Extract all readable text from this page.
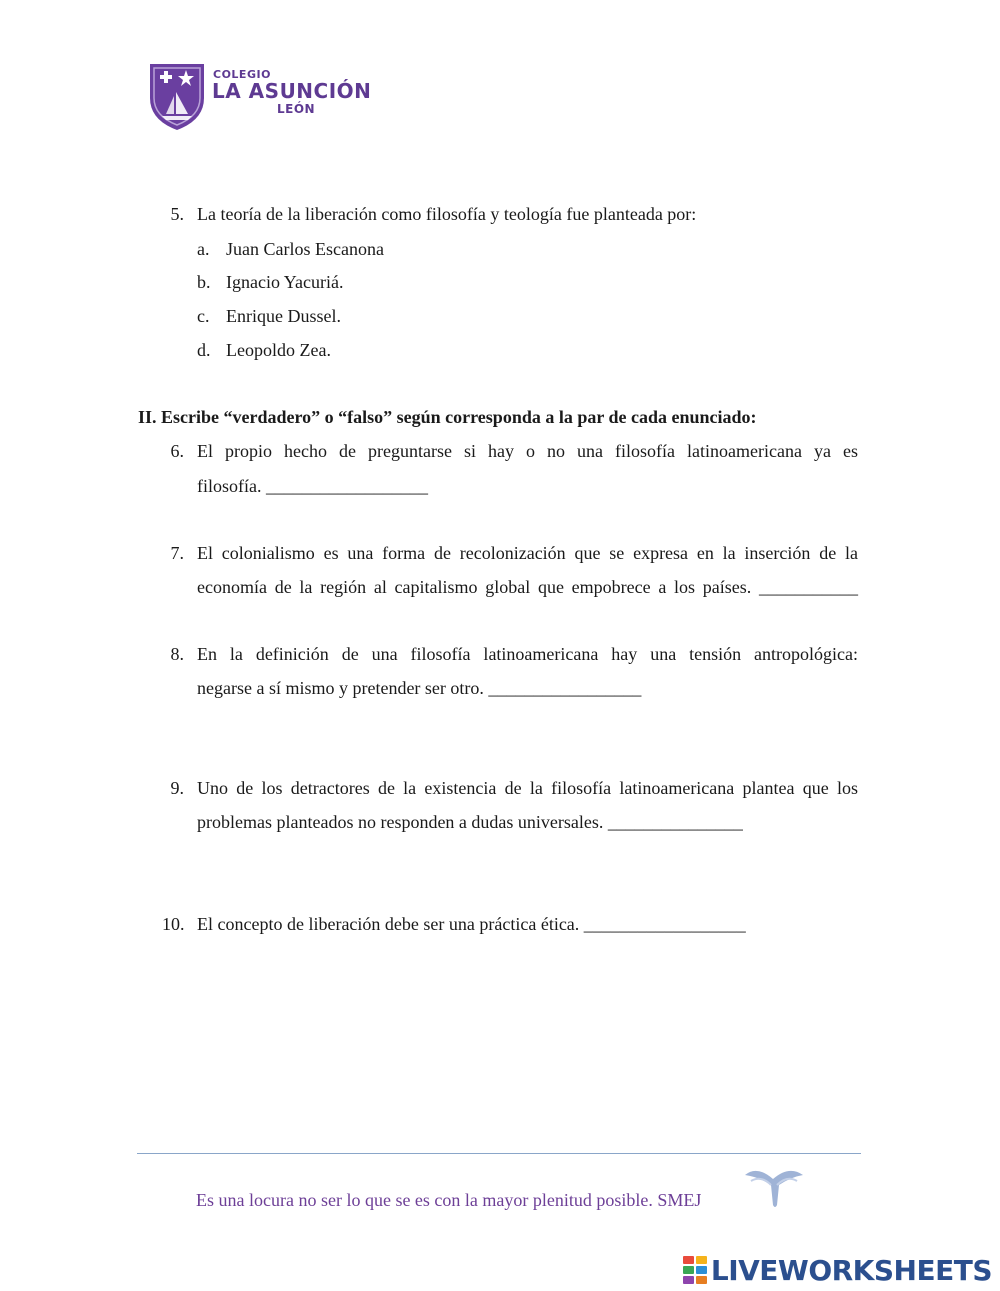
COLEGIO
LA ASUNCIÓN
LEÓN
5. La teoría de la liberación como filosofía y teología fue planteada por:
a. Juan Carlos Escanona
b. Ignacio Yacuriá.
c. Enrique Dussel.
d. Leopoldo Zea.
II. Escribe “verdadero” o “falso” según corresponda a la par de cada enunciado:
6. El propio hecho de preguntarse si hay o no una filosofía latinoamericana ya es
filosofía. __________________
7. El colonialismo es una forma de recolonización que se expresa en la inserción de la
economía de la región al capitalismo global que empobrece a los países. ___________
8. En la definición de una filosofía latinoamericana hay una tensión antropológica:
negarse a sí mismo y pretender ser otro. _________________
9. Uno de los detractores de la existencia de la filosofía latinoamericana plantea que los
problemas planteados no responden a dudas universales. _______________
10. El concepto de liberación debe ser una práctica ética. __________________
Es una locura no ser lo que se es con la mayor plenitud posible. SMEJ
LIVEWORKSHEETS
